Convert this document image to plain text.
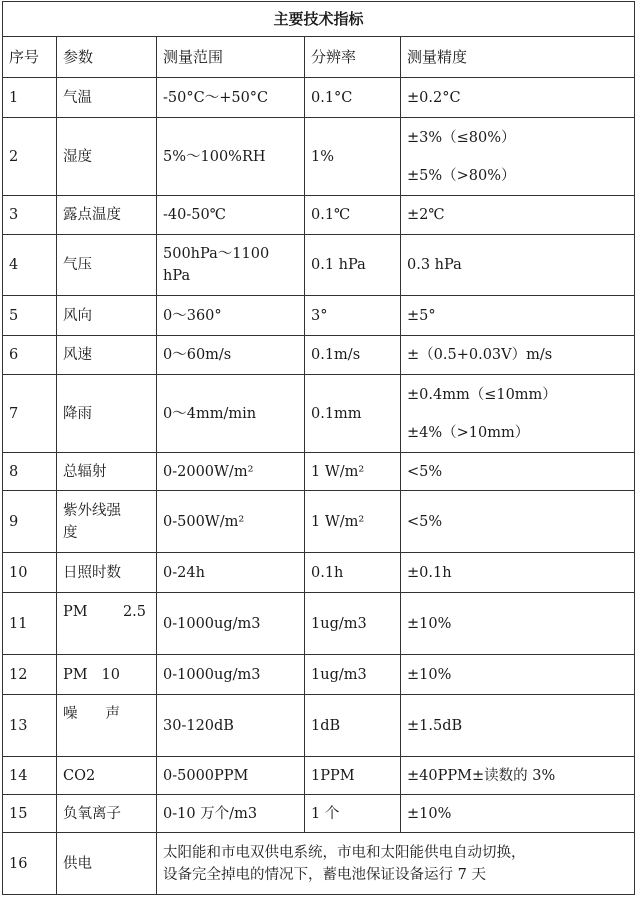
主要技术指标				
序号	参数	测量范围	分辨率	测量精度
1	气温	-50°C～+50°C	0.1°C	±0.2°C
2	湿度	5%～100%RH	1%	±3%（≤80%）
±5%（>80%）

3	露点温度	-40-50℃	0.1℃	±2℃
4	气压	500hPa～1100
hPa	0.1 hPa	0.3 hPa
5	风向	0～360°	3°	±5°
6	风速	0～60m/s	0.1m/s	±（0.5+0.03V）m/s
7	降雨	0～4mm/min	0.1mm	±0.4mm（≤10mm）
±4%（>10mm）

8	总辐射	0-2000W/m²	1 W/m²	<5%
9	紫外线强
度	0-500W/m²	1 W/m²	<5%
10	日照时数	0-24h	0.1h	±0.1h
11	PM 2.5	0-1000ug/m3	1ug/m3	±10%
12	PM 10	0-1000ug/m3	1ug/m3	±10%
13	噪 声	30-120dB	1dB	±1.5dB
14	CO2	0-5000PPM	1PPM	±40PPM±读数的 3%
15	负氧离子	0-10 万个/m3	1 个	±10%
16	供电	太阳能和市电双供电系统，市电和太阳能供电自动切换，
设备完全掉电的情况下，蓄电池保证设备运行 7 天		
